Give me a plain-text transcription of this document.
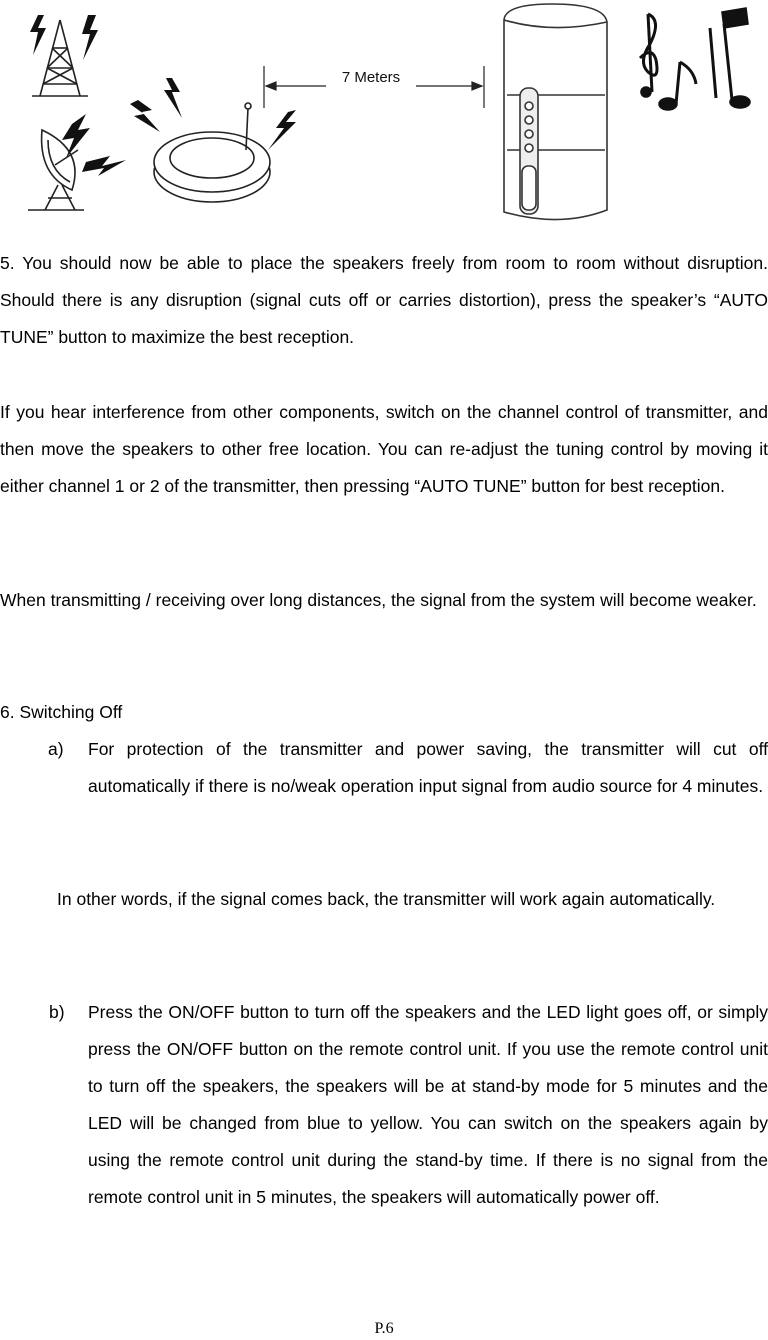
7 Meters
5. You should now be able to place the speakers freely from room to room without disruption. Should there is any disruption (signal cuts off or carries distortion), press the speaker’s “AUTO TUNE” button to maximize the best reception.
If you hear interference from other components, switch on the channel control of transmitter, and then move the speakers to other free location. You can re-adjust the tuning control by moving it either channel 1 or 2 of the transmitter, then pressing “AUTO TUNE” button for best reception.
When transmitting / receiving over long distances, the signal from the system will become weaker.
6. Switching Off
a) For protection of the transmitter and power saving, the transmitter will cut off automatically if there is no/weak operation input signal from audio source for 4 minutes.
In other words, if the signal comes back, the transmitter will work again automatically.
b) Press the ON/OFF button to turn off the speakers and the LED light goes off, or simply press the ON/OFF button on the remote control unit. If you use the remote control unit to turn off the speakers, the speakers will be at stand-by mode for 5 minutes and the LED will be changed from blue to yellow. You can switch on the speakers again by using the remote control unit during the stand-by time. If there is no signal from the remote control unit in 5 minutes, the speakers will automatically power off.
P.6
